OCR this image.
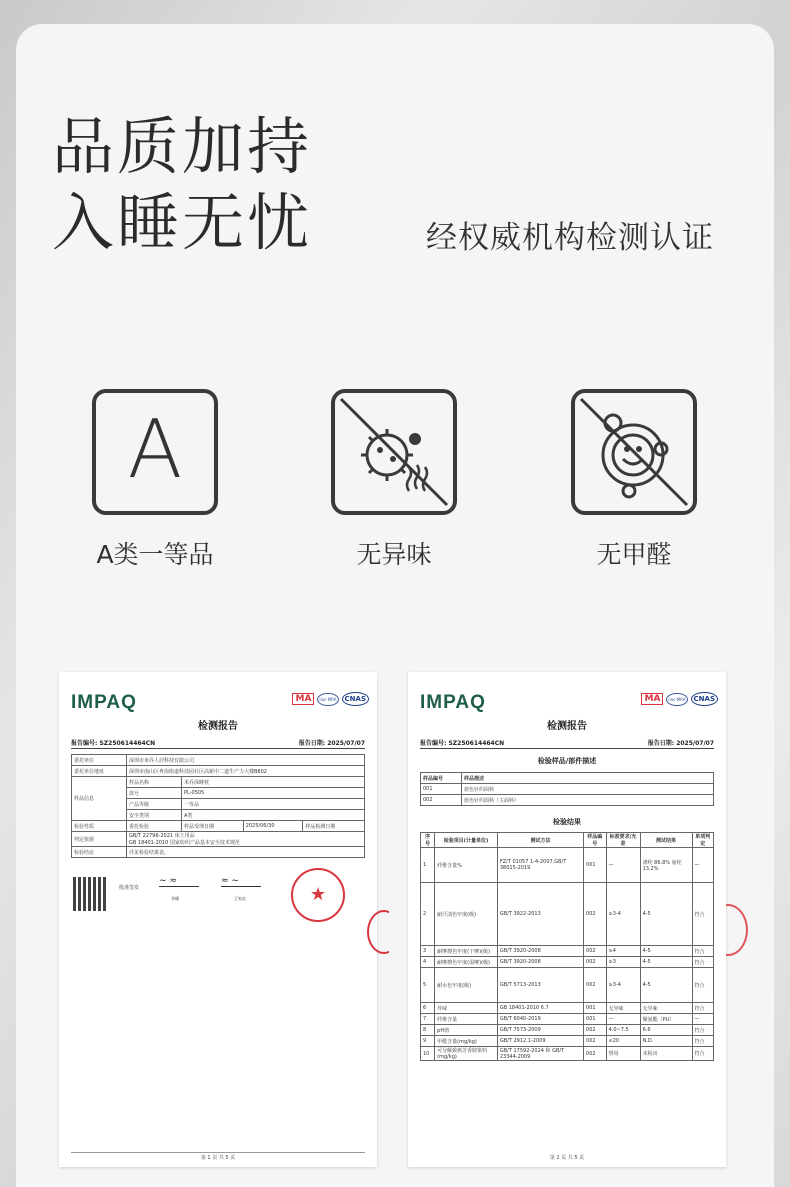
品质加持
入睡无忧	经权威机构检测认证
A
A类一等品	无异味	无甲醛
IMPAQ	MA	ilac-MRA	CNAS
检测报告
报告编号: SZ250614464CN	报告日期: 2025/07/07
委托单位	深圳市米乔人居科技有限公司			
委托单位地址	深圳市南山区粤海街道科技园社区高新中二道生产力大楼B802			
样品信息	样品名称	米乔深睡枕		
	款号	PL-0505		
	产品等级	一等品		
	安全类别	A类		
检验性质	委托检验	样品受理日期	2025/06/30	样品检测日期
判定依据	GB/T 22796-2021 床上用品
GB 18401-2010 国家纺织产品基本安全技术规范			
检验结论	详见检验结果表。			
批准签发
~ ≈
李珊
≈ ~
王家宏	★
第 1 页 共 5 页
IMPAQ	MA	ilac-MRA	CNAS
检测报告
报告编号: SZ250614464CN	报告日期: 2025/07/07
检验样品/部件描述
样品编号	样品描述
001	蓝色针织面料
002	蓝色针织面料（主面料）
检验结果
序号	检验项目(计量单位)	测试方法	样品编号	标准要求/允差	测试结果	单项判定
1	纤维含量%	FZ/T 01057 1-4-2007,GB/T 38015-2019	001	—	涤纶 86.8% 氨纶 13.2%	—
2	耐汗渍色牢度(级)	GB/T 3922-2013	002	≥3-4	4-5	符合
3	耐摩擦色牢度(干摩)(级)	GB/T 3920-2008	002	≥4	4-5	符合
4	耐摩擦色牢度(湿摩)(级)	GB/T 3920-2008	002	≥3	4-5	符合
5	耐水色牢度(级)	GB/T 5713-2013	002	≥3-4	4-5	符合
6	异味	GB 18401-2010 6.7	001	无异味	无异味	符合
7	纤维含量	GB/T 6040-2019	001	—	聚氨酯（PU）	—
8	pH值	GB/T 7573-2009	002	4.0~7.5	6.6	符合
9	甲醛含量(mg/kg)	GB/T 2912.1-2009	002	≤20	N.D.	符合
10	可分解致癌芳香胺染料(mg/kg)	GB/T 17592-2024 和 GB/T 23344-2009	002	禁用	未检出	符合
第 2 页 共 5 页
